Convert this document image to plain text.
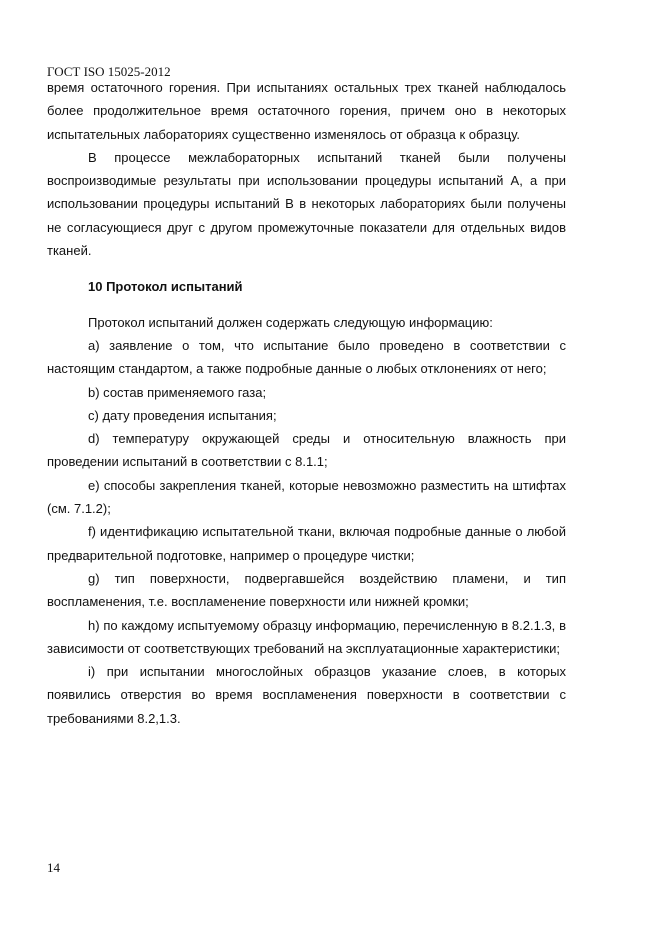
ГОСТ ISO 15025-2012

время остаточного горения. При испытаниях остальных трех тканей наблюдалось более продолжительное время остаточного горения, причем оно в некоторых испытательных лабораториях существенно изменялось от образца к образцу.

В процессе межлабораторных испытаний тканей были получены воспроизводимые результаты при использовании процедуры испытаний А, а при использовании процедуры испытаний В в некоторых лабораториях были получены не согласующиеся друг с другом промежуточные показатели для отдельных видов тканей.

10 Протокол испытаний

Протокол испытаний должен содержать следующую информацию:

a) заявление о том, что испытание было проведено в соответствии с настоящим стандартом, а также подробные данные о любых отклонениях от него;

b) состав применяемого газа;

c) дату проведения испытания;

d) температуру окружающей среды и относительную влажность при проведении испытаний в соответствии с 8.1.1;

e) способы закрепления тканей, которые невозможно разместить на штифтах (см. 7.1.2);

f) идентификацию испытательной ткани, включая подробные данные о любой предварительной подготовке, например о процедуре чистки;

g) тип поверхности, подвергавшейся воздействию пламени, и тип воспламенения, т.е. воспламенение поверхности или нижней кромки;

h) по каждому испытуемому образцу информацию, перечисленную в 8.2.1.3, в зависимости от соответствующих требований на эксплуатационные характеристики;

i) при испытании многослойных образцов указание слоев, в которых появились отверстия во время воспламенения поверхности в соответствии с требованиями 8.2,1.3.

14
